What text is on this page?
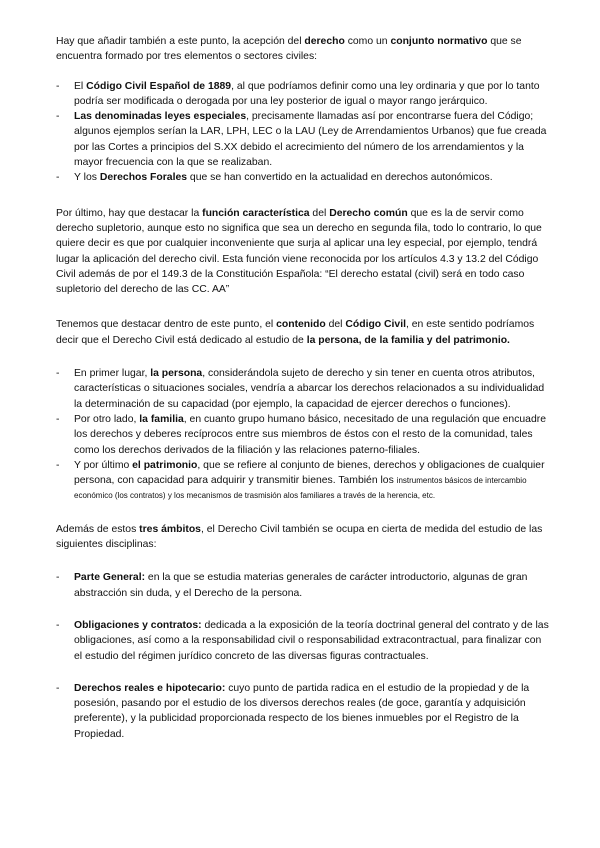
Hay que añadir también a este punto, la acepción del derecho como un conjunto normativo que se encuentra formado por tres elementos o sectores civiles:

- El Código Civil Español de 1889, al que podríamos definir como una ley ordinaria y que por lo tanto podría ser modificada o derogada por una ley posterior de igual o mayor rango jerárquico.
- Las denominadas leyes especiales, precisamente llamadas así por encontrarse fuera del Código; algunos ejemplos serían la LAR, LPH, LEC o la LAU (Ley de Arrendamientos Urbanos) que fue creada por las Cortes a principios del S.XX debido el acrecimiento del número de los arrendamientos y la mayor frecuencia con la que se realizaban.
- Y los Derechos Forales que se han convertido en la actualidad en derechos autonómicos.

Por último, hay que destacar la función característica del Derecho común que es la de servir como derecho supletorio, aunque esto no significa que sea un derecho en segunda fila, todo lo contrario, lo que quiere decir es que por cualquier inconveniente que surja al aplicar una ley especial, por ejemplo, tendrá lugar la aplicación del derecho civil. Esta función viene reconocida por los artículos 4.3 y 13.2 del Código Civil además de por el 149.3 de la Constitución Española: “El derecho estatal (civil) será en todo caso supletorio del derecho de las CC. AA”

Tenemos que destacar dentro de este punto, el contenido del Código Civil, en este sentido podríamos decir que el Derecho Civil está dedicado al estudio de la persona, de la familia y del patrimonio.

- En primer lugar, la persona, considerándola sujeto de derecho y sin tener en cuenta otros atributos, características o situaciones sociales, vendría a abarcar los derechos relacionados a su individualidad la determinación de su capacidad (por ejemplo, la capacidad de ejercer derechos o funciones).
- Por otro lado, la familia, en cuanto grupo humano básico, necesitado de una regulación que encuadre los derechos y deberes recíprocos entre sus miembros de éstos con el resto de la comunidad, tales como los derechos derivados de la filiación y las relaciones paterno-filiales.
- Y por último el patrimonio, que se refiere al conjunto de bienes, derechos y obligaciones de cualquier persona, con capacidad para adquirir y transmitir bienes. También los instrumentos básicos de intercambio económico (los contratos) y los mecanismos de trasmisión alos familiares a través de la herencia, etc.

Además de estos tres ámbitos, el Derecho Civil también se ocupa en cierta de medida del estudio de las siguientes disciplinas:

- Parte General: en la que se estudia materias generales de carácter introductorio, algunas de gran abstracción sin duda, y el Derecho de la persona.
- Obligaciones y contratos: dedicada a la exposición de la teoría doctrinal general del contrato y de las obligaciones, así como a la responsabilidad civil o responsabilidad extracontractual, para finalizar con el estudio del régimen jurídico concreto de las diversas figuras contractuales.
- Derechos reales e hipotecario: cuyo punto de partida radica en el estudio de la propiedad y de la posesión, pasando por el estudio de los diversos derechos reales (de goce, garantía y adquisición preferente), y la publicidad proporcionada respecto de los bienes inmuebles por el Registro de la Propiedad.
